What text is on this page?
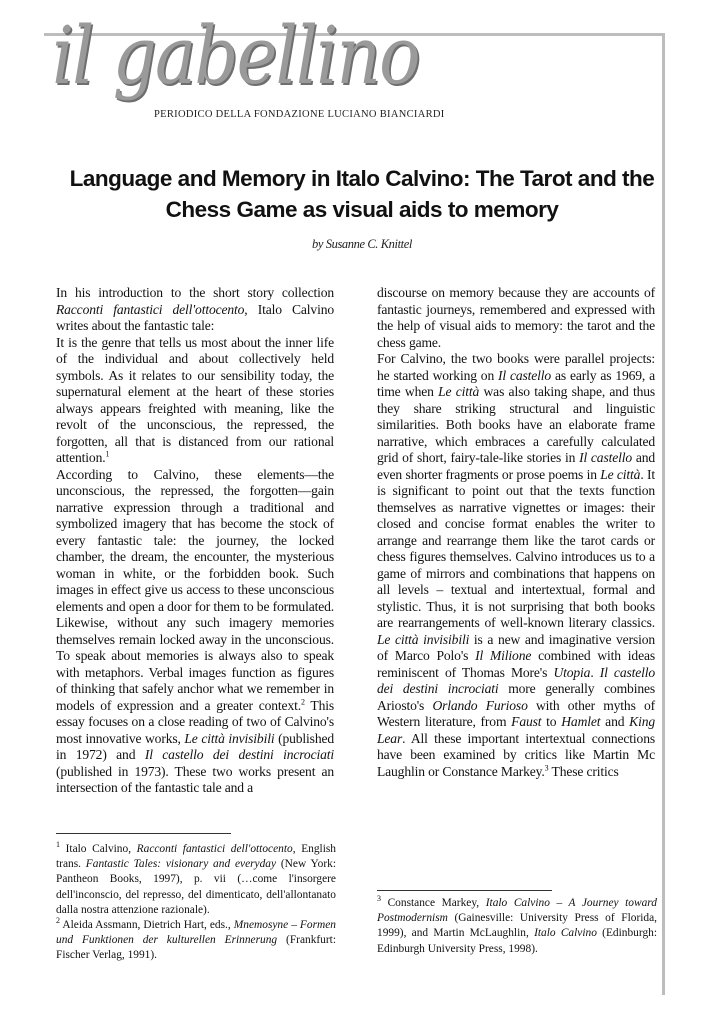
il gabellino
PERIODICO DELLA FONDAZIONE LUCIANO BIANCIARDI
Language and Memory in Italo Calvino: The Tarot and the
Chess Game as visual aids to memory
by Susanne C. Knittel

In his introduction to the short story collection Racconti fantastici dell'ottocento, Italo Calvino writes about the fantastic tale:

It is the genre that tells us most about the inner life of the individual and about collectively held symbols. As it relates to our sensibility today, the supernatural element at the heart of these stories always appears freighted with meaning, like the revolt of the unconscious, the repressed, the forgotten, all that is distanced from our rational attention.$^1$

According to Calvino, these elements—the unconscious, the repressed, the forgotten—gain narrative expression through a traditional and symbolized imagery that has become the stock of every fantastic tale: the journey, the locked chamber, the dream, the encounter, the mysterious woman in white, or the forbidden book. Such images in effect give us access to these unconscious elements and open a door for them to be formulated. Likewise, without any such imagery memories themselves remain locked away in the unconscious. To speak about memories is always also to speak with metaphors. Verbal images function as figures of thinking that safely anchor what we remember in models of expression and a greater context.$^2$ This essay focuses on a close reading of two of Calvino's most innovative works, Le città invisibili (published in 1972) and Il castello dei destini incrociati (published in 1973). These two works present an intersection of the fantastic tale and a

discourse on memory because they are accounts of fantastic journeys, remembered and expressed with the help of visual aids to memory: the tarot and the chess game.

For Calvino, the two books were parallel projects: he started working on Il castello as early as 1969, a time when Le città was also taking shape, and thus they share striking structural and linguistic similarities. Both books have an elaborate frame narrative, which embraces a carefully calculated grid of short, fairy-tale-like stories in Il castello and even shorter fragments or prose poems in Le città. It is significant to point out that the texts function themselves as narrative vignettes or images: their closed and concise format enables the writer to arrange and rearrange them like the tarot cards or chess figures themselves. Calvino introduces us to a game of mirrors and combinations that happens on all levels – textual and intertextual, formal and stylistic. Thus, it is not surprising that both books are rearrangements of well-known literary classics. Le città invisibili is a new and imaginative version of Marco Polo's Il Milione combined with ideas reminiscent of Thomas More's Utopia. Il castello dei destini incrociati more generally combines Ariosto's Orlando Furioso with other myths of Western literature, from Faust to Hamlet and King Lear. All these important intertextual connections have been examined by critics like Martin Mc Laughlin or Constance Markey.$^3$ These critics

$^1$ Italo Calvino, Racconti fantastici dell'ottocento, English trans. Fantastic Tales: visionary and everyday (New York: Pantheon Books, 1997), p. vii (…come l'insorgere dell'inconscio, del represso, del dimenticato, dell'allontanato dalla nostra attenzione razionale).

$^2$ Aleida Assmann, Dietrich Hart, eds., Mnemosyne – Formen und Funktionen der kulturellen Erinnerung (Frankfurt: Fischer Verlag, 1991).

$^3$ Constance Markey, Italo Calvino – A Journey toward Postmodernism (Gainesville: University Press of Florida, 1999), and Martin McLaughlin, Italo Calvino (Edinburgh: Edinburgh University Press, 1998).
